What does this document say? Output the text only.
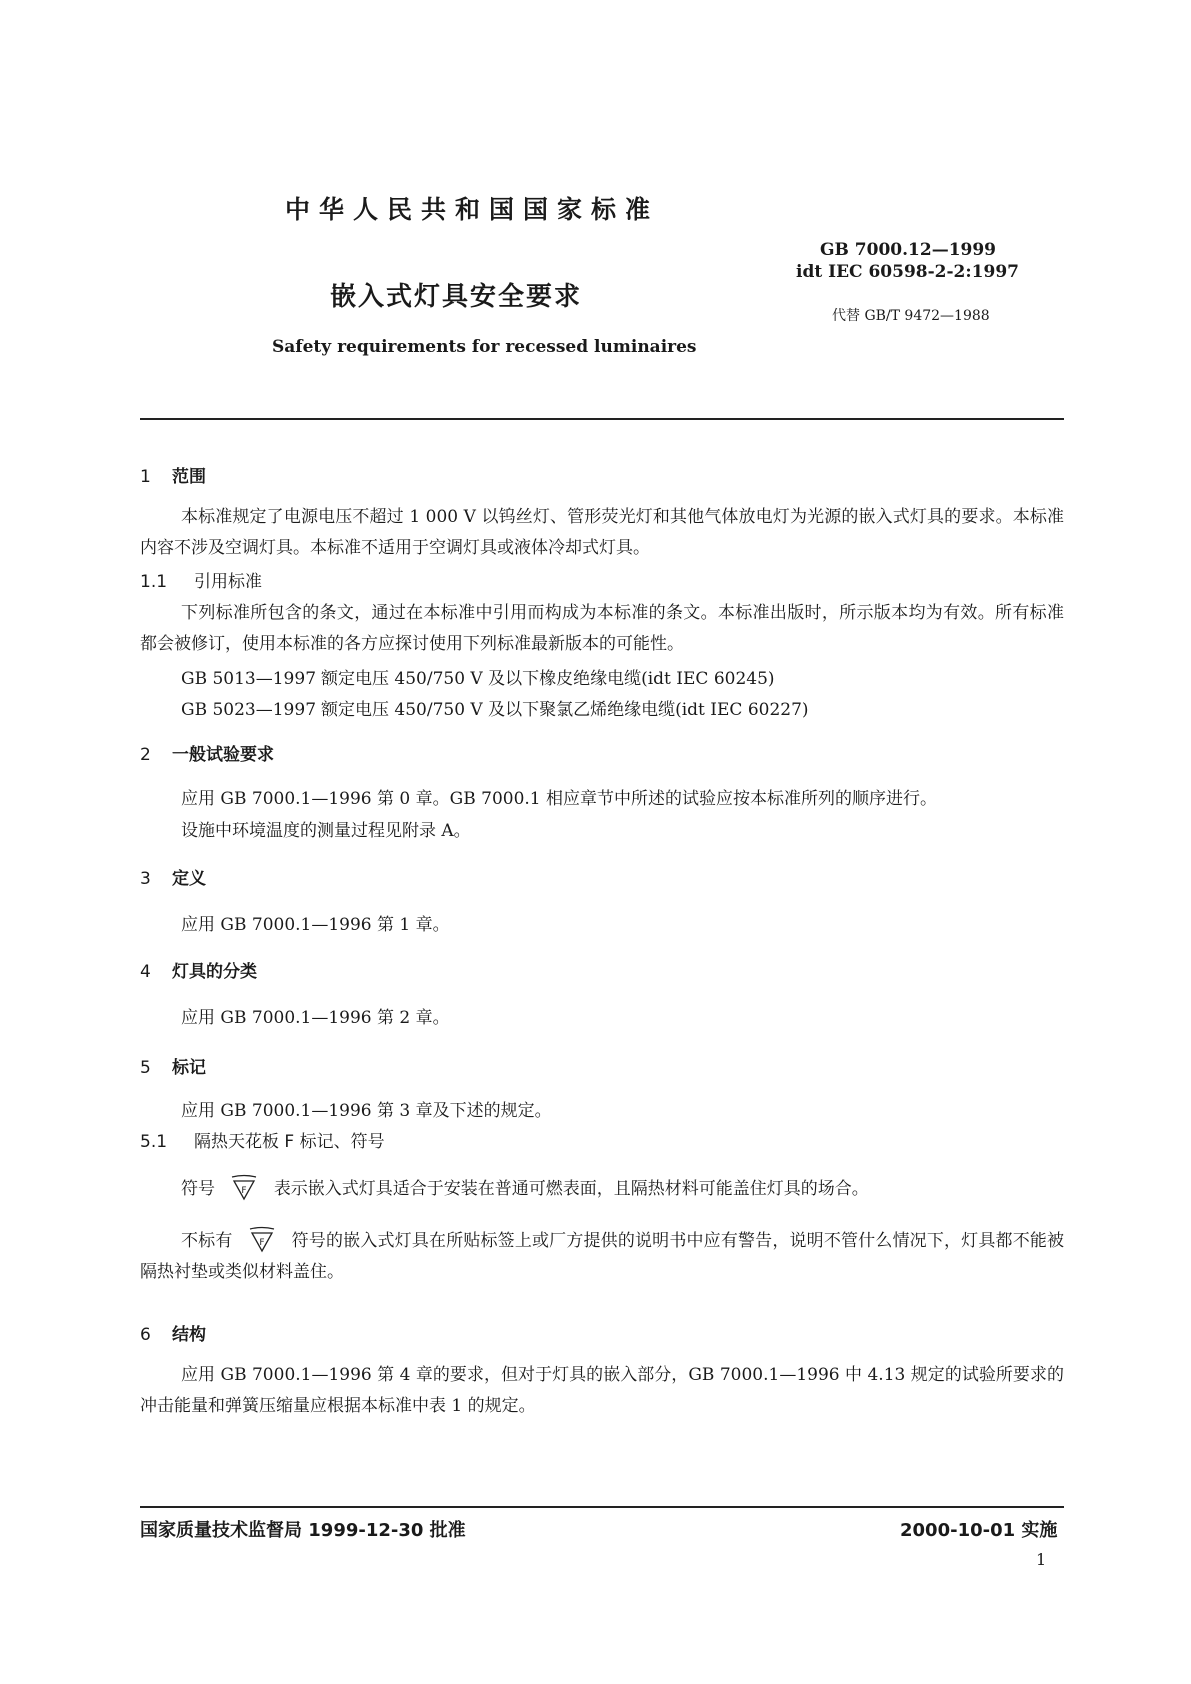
中华人民共和国国家标准
GB 7000.12—1999
idt IEC 60598-2-2:1997
嵌入式灯具安全要求
代替 GB/T 9472—1988
Safety requirements for recessed luminaires
1 范围
本标准规定了电源电压不超过 1 000 V 以钨丝灯、管形荧光灯和其他气体放电灯为光源的嵌入式灯具的要求。本标准内容不涉及空调灯具。本标准不适用于空调灯具或液体冷却式灯具。
1.1 引用标准
下列标准所包含的条文，通过在本标准中引用而构成为本标准的条文。本标准出版时，所示版本均为有效。所有标准都会被修订，使用本标准的各方应探讨使用下列标准最新版本的可能性。
GB 5013—1997 额定电压 450/750 V 及以下橡皮绝缘电缆(idt IEC 60245)
GB 5023—1997 额定电压 450/750 V 及以下聚氯乙烯绝缘电缆(idt IEC 60227)
2 一般试验要求
应用 GB 7000.1—1996 第 0 章。GB 7000.1 相应章节中所述的试验应按本标准所列的顺序进行。
设施中环境温度的测量过程见附录 A。
3 定义
应用 GB 7000.1—1996 第 1 章。
4 灯具的分类
应用 GB 7000.1—1996 第 2 章。
5 标记
应用 GB 7000.1—1996 第 3 章及下述的规定。
5.1 隔热天花板 F 标记、符号
符号	F 表示嵌入式灯具适合于安装在普通可燃表面，且隔热材料可能盖住灯具的场合。
不标有	F 符号的嵌入式灯具在所贴标签上或厂方提供的说明书中应有警告，说明不管什么情况下，灯具都不能被隔热衬垫或类似材料盖住。
6 结构
应用 GB 7000.1—1996 第 4 章的要求，但对于灯具的嵌入部分，GB 7000.1—1996 中 4.13 规定的试验所要求的冲击能量和弹簧压缩量应根据本标准中表 1 的规定。
国家质量技术监督局 1999-12-30 批准	2000-10-01 实施
1
